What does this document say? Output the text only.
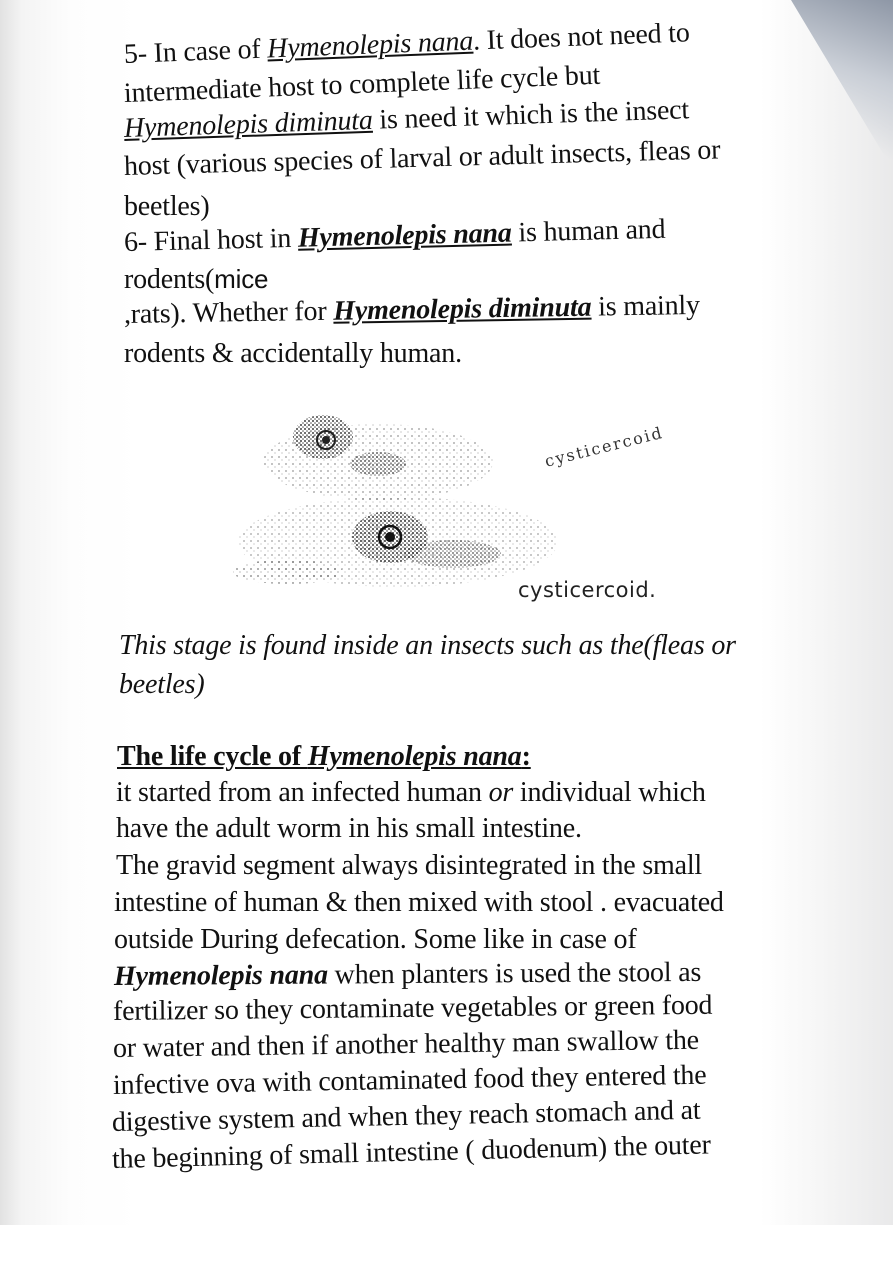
5- In case of Hymenolepis nana. It does not need to
intermediate host to complete life cycle but
Hymenolepis diminuta is need it which is the insect
host (various species of larval or adult insects, fleas or
beetles)
6- Final host in Hymenolepis nana is human and
rodents(mice
,rats). Whether for Hymenolepis diminuta is mainly
rodents & accidentally human.
cysticercoid
cysticercoid.
This stage is found inside an insects such as the(fleas or
beetles)
The life cycle of Hymenolepis nana:
it started from an infected human or individual which
have the adult worm in his small intestine.
The gravid segment always disintegrated in the small
intestine of human & then mixed with stool . evacuated
outside During defecation. Some like in case of
Hymenolepis nana when planters is used the stool as
fertilizer so they contaminate vegetables or green food
or water and then if another healthy man swallow the
infective ova with contaminated food they entered the
digestive system and when they reach stomach and at
the beginning of small intestine ( duodenum) the outer
